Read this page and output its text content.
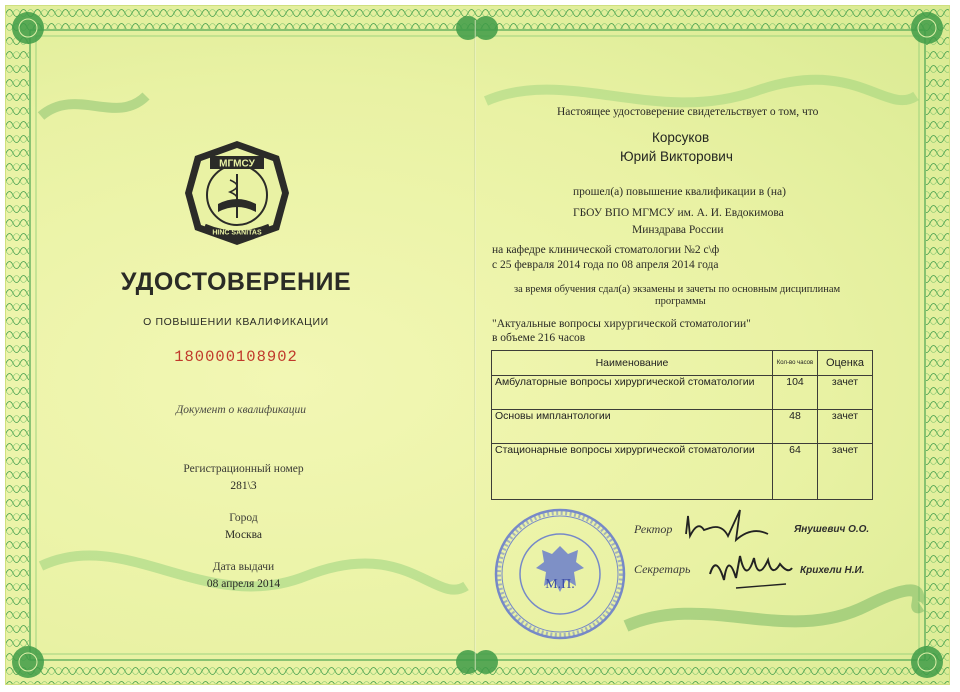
МГМСУ
HINC SANITAS
УДОСТОВЕРЕНИЕ
О ПОВЫШЕНИИ КВАЛИФИКАЦИИ
180000108902
Документ о квалификации
Регистрационный номер
281\3
Город
Москва
Дата выдачи
08 апреля 2014
Настоящее удостоверение свидетельствует о том, что
Корсуков
Юрий Викторович
прошел(а) повышение квалификации в (на)
ГБОУ ВПО МГМСУ им. А. И. Евдокимова
Минздрава России
на кафедре клинической стоматологии №2 с\ф
с 25 февраля 2014 года по 08 апреля 2014 года
за время обучения сдал(а) экзамены и зачеты по основным дисциплинам
программы
"Актуальные вопросы хирургической стоматологии"
в объеме 216 часов
Наименование	Кол-во часов	Оценка
Амбулаторные вопросы хирургической стоматологии	104	зачет
Основы имплантологии	48	зачет
Стационарные вопросы хирургической стоматологии	64	зачет
М.П.
Ректор	Янушевич О.О.
Секретарь	Крихели Н.И.
